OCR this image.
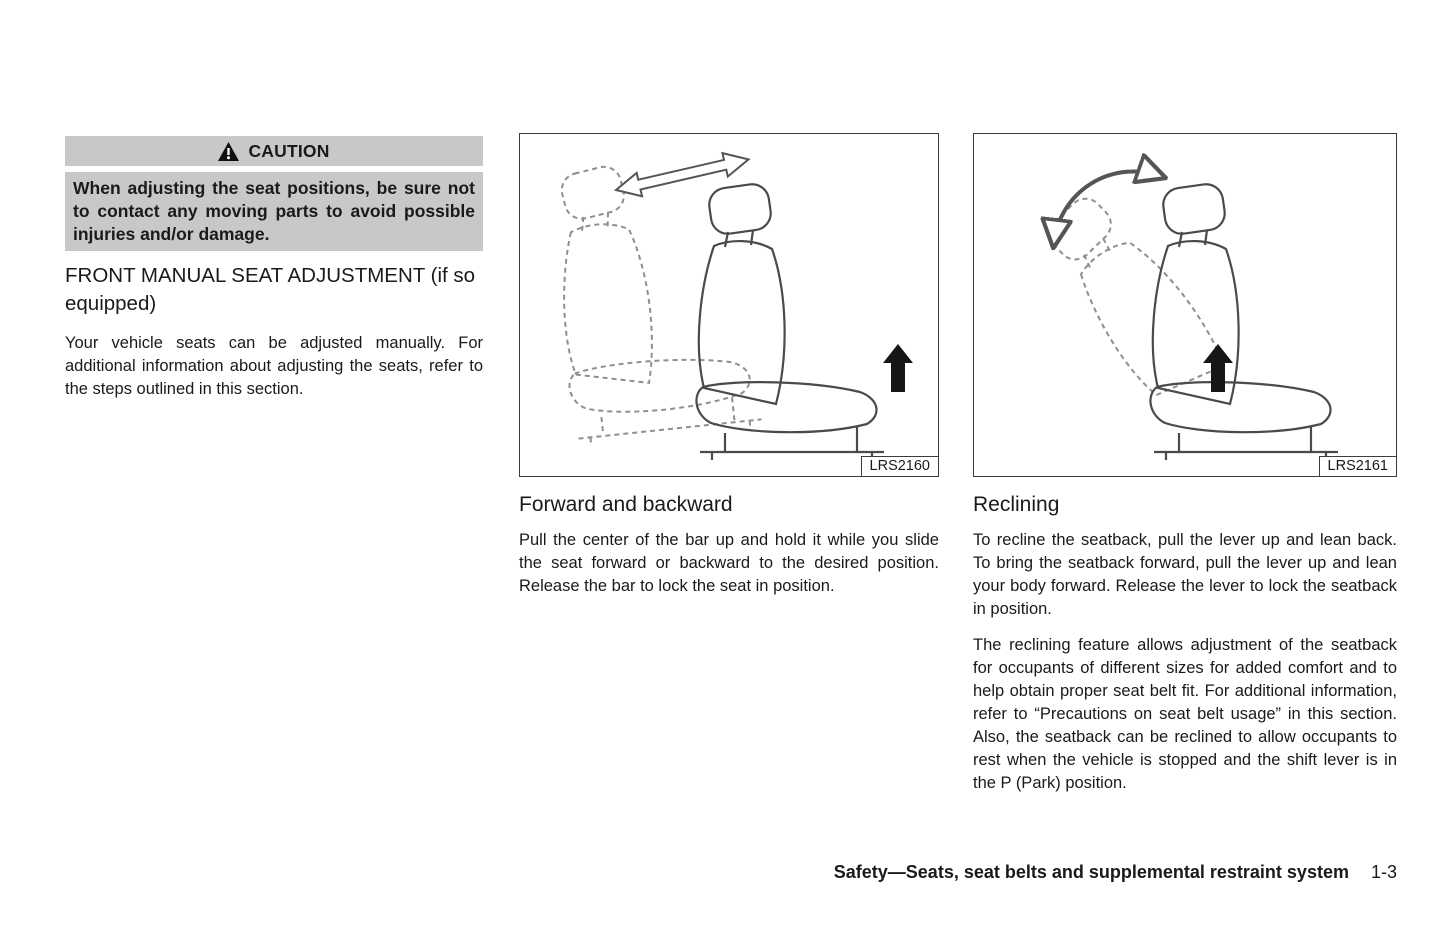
CAUTION
When adjusting the seat positions, be sure not to contact any moving parts to avoid possible injuries and/or damage.
FRONT MANUAL SEAT ADJUSTMENT (if so equipped)

Your vehicle seats can be adjusted manually. For additional information about adjusting the seats, refer to the steps outlined in this section.

LRS2160
Forward and backward

Pull the center of the bar up and hold it while you slide the seat forward or backward to the desired position. Release the bar to lock the seat in position.

LRS2161
Reclining

To recline the seatback, pull the lever up and lean back. To bring the seatback forward, pull the lever up and lean your body forward. Release the lever to lock the seatback in position.

The reclining feature allows adjustment of the seatback for occupants of different sizes for added comfort and to help obtain proper seat belt fit. For additional information, refer to “Precautions on seat belt usage” in this section. Also, the seatback can be reclined to allow occupants to rest when the vehicle is stopped and the shift lever is in the P (Park) position.

Safety—Seats, seat belts and supplemental restraint system 1-3
